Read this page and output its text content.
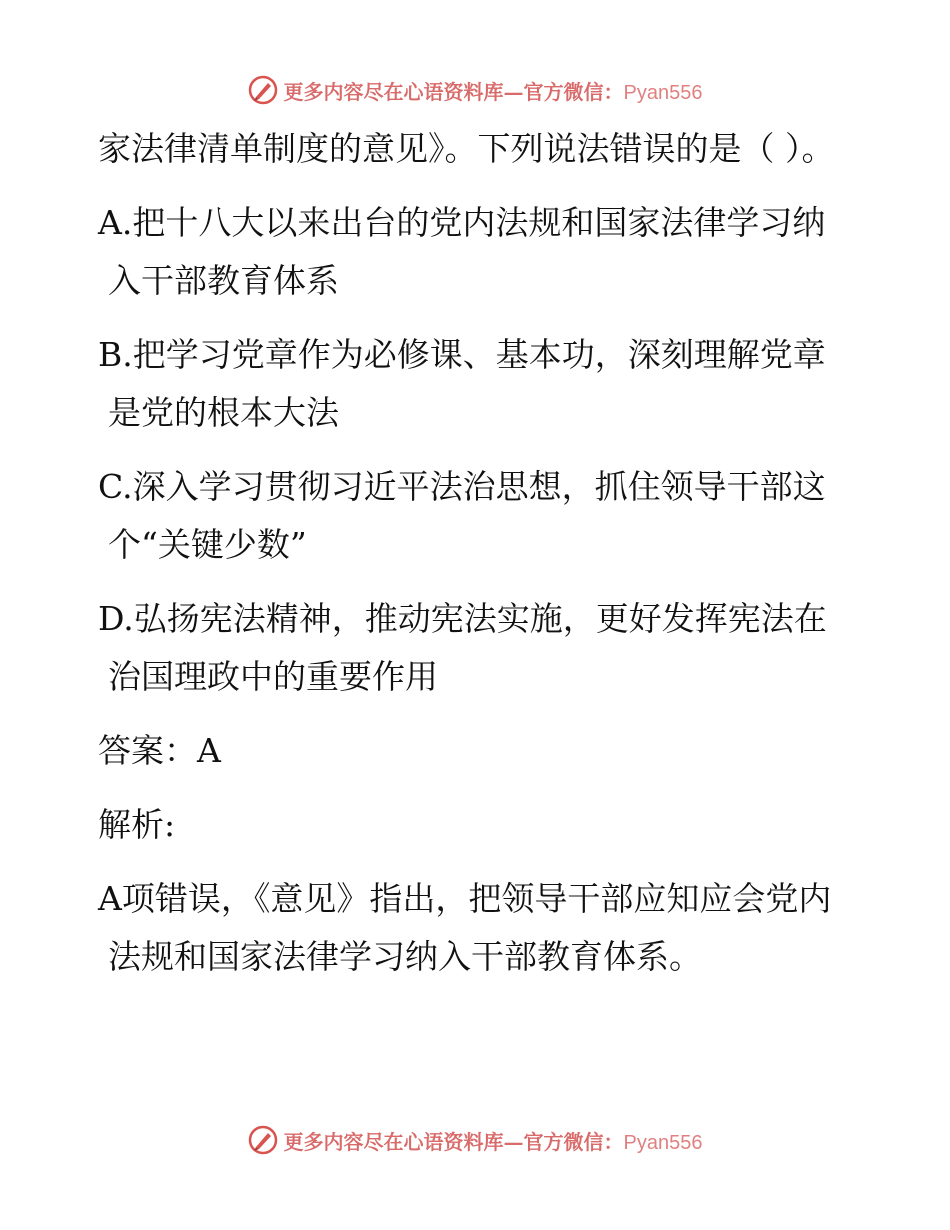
更多内容尽在心语资料库—官方微信：Pyan556

家法律清单制度的意见》。下列说法错误的是（ ）。

A.把十八大以来出台的党内法规和国家法律学习纳入干部教育体系

B.把学习党章作为必修课、基本功，深刻理解党章是党的根本大法

C.深入学习贯彻习近平法治思想，抓住领导干部这个“关键少数”

D.弘扬宪法精神，推动宪法实施，更好发挥宪法在治国理政中的重要作用

答案：A

解析:

A项错误，《意见》指出，把领导干部应知应会党内法规和国家法律学习纳入干部教育体系。

更多内容尽在心语资料库—官方微信：Pyan556
